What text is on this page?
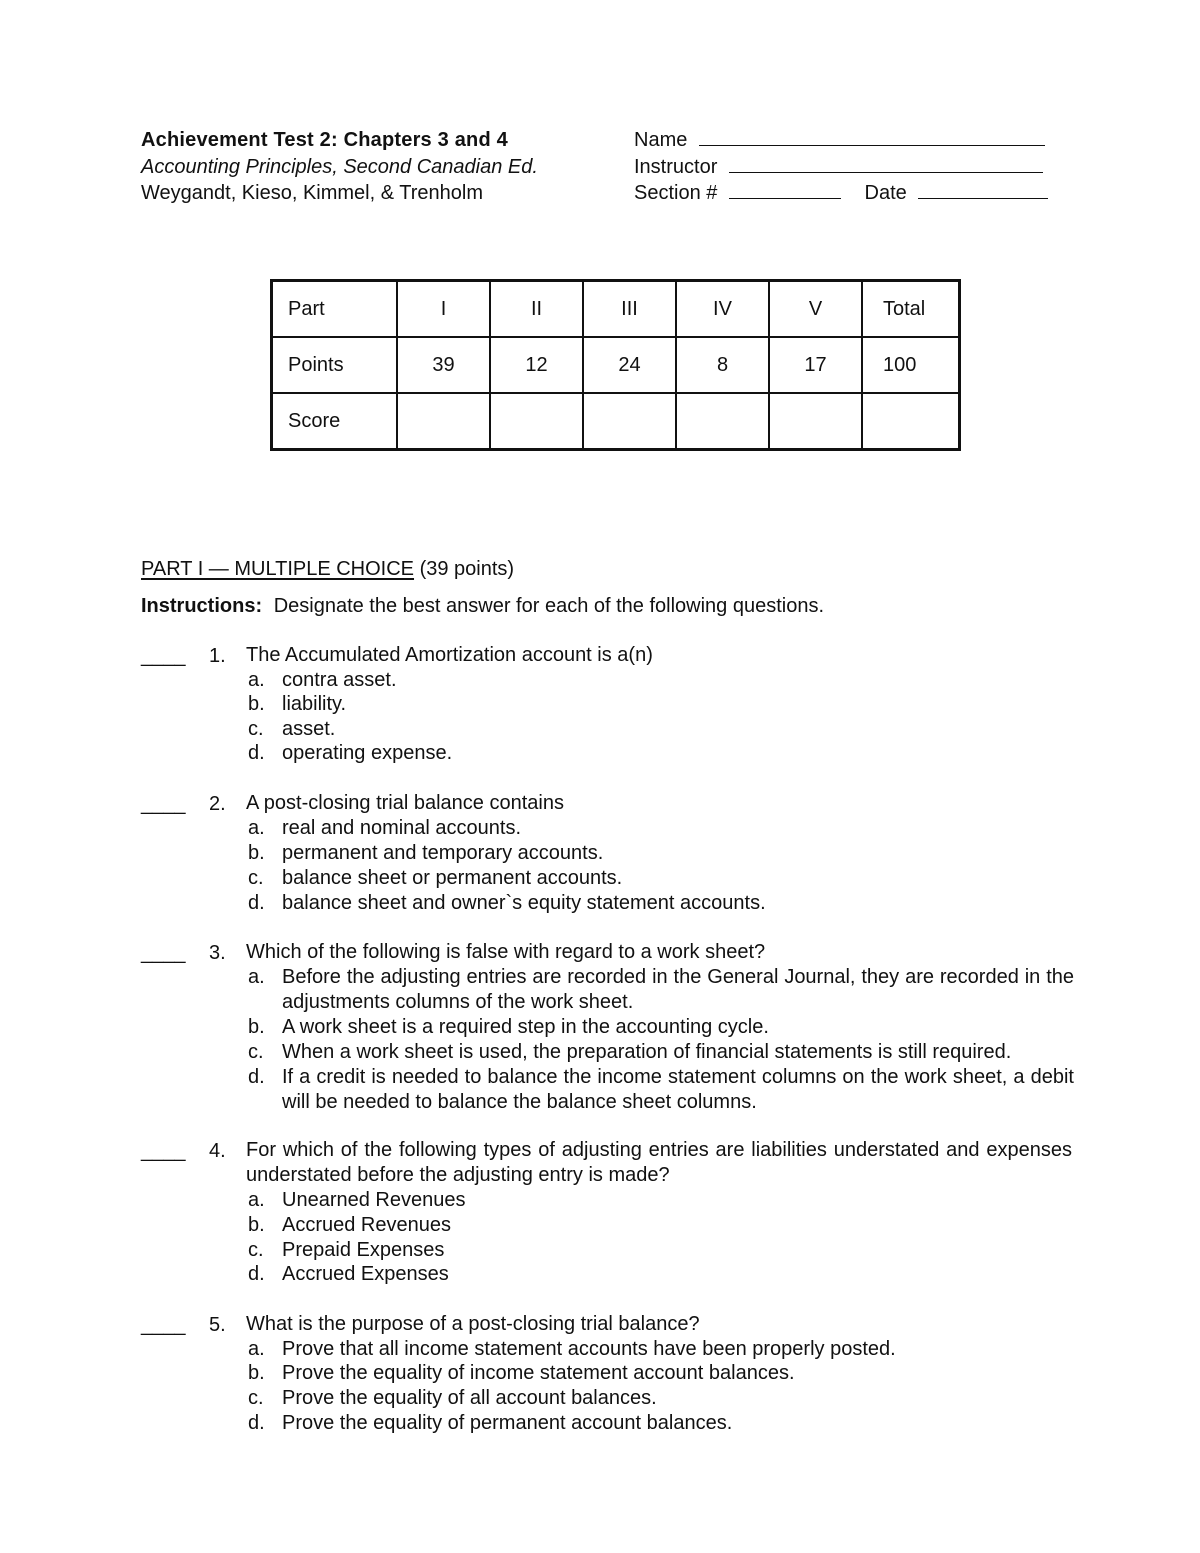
Achievement Test 2: Chapters 3 and 4
Accounting Principles, Second Canadian Ed.
Weygandt, Kieso, Kimmel, & Trenholm
Name
Instructor
Section #	Date
Part	I	II	III	IV	V	Total
Points	39	12	24	8	17	100
Score						
PART I — MULTIPLE CHOICE (39 points)
Instructions: Designate the best answer for each of the following questions.
____ 1. The Accumulated Amortization account is a(n)
a. contra asset.
b. liability.
c. asset.
d. operating expense.
____ 2. A post-closing trial balance contains
a. real and nominal accounts.
b. permanent and temporary accounts.
c. balance sheet or permanent accounts.
d. balance sheet and owner`s equity statement accounts.
____ 3. Which of the following is false with regard to a work sheet?
a. Before the adjusting entries are recorded in the General Journal, they are recorded in the adjustments columns of the work sheet.
b. A work sheet is a required step in the accounting cycle.
c. When a work sheet is used, the preparation of financial statements is still required.
d. If a credit is needed to balance the income statement columns on the work sheet, a debit will be needed to balance the balance sheet columns.
____ 4. For which of the following types of adjusting entries are liabilities understated and expenses understated before the adjusting entry is made?
a. Unearned Revenues
b. Accrued Revenues
c. Prepaid Expenses
d. Accrued Expenses
____ 5. What is the purpose of a post-closing trial balance?
a. Prove that all income statement accounts have been properly posted.
b. Prove the equality of income statement account balances.
c. Prove the equality of all account balances.
d. Prove the equality of permanent account balances.
